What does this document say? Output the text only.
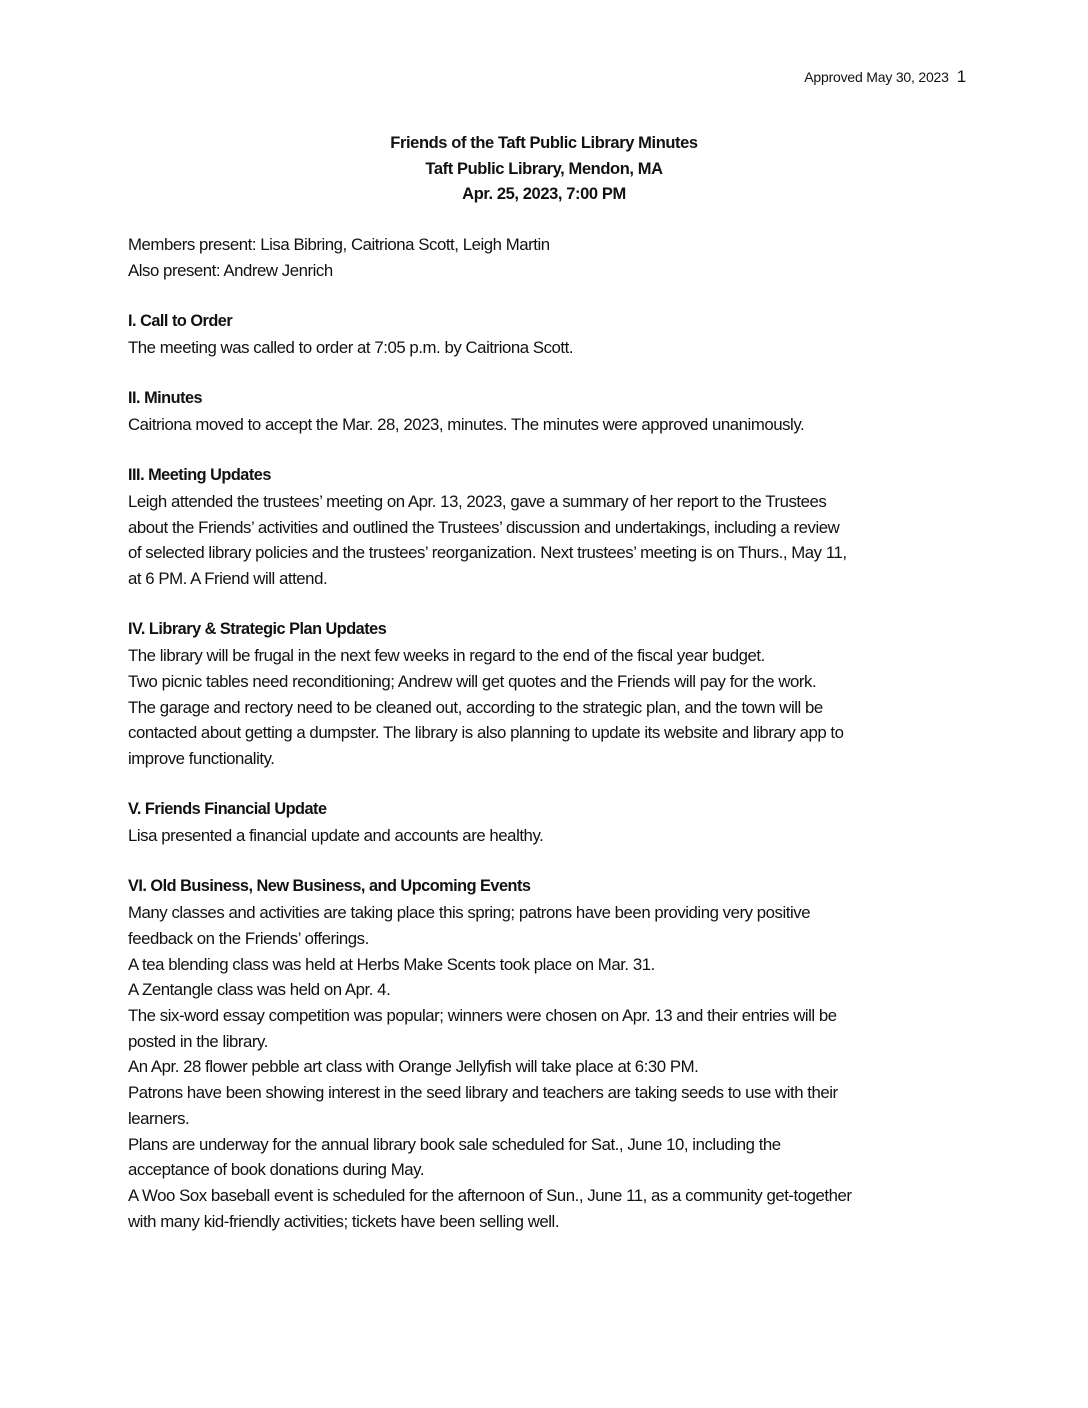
Approved May 30, 2023 1
Friends of the Taft Public Library Minutes
Taft Public Library, Mendon, MA
Apr. 25, 2023, 7:00 PM
Members present: Lisa Bibring, Caitriona Scott, Leigh Martin
Also present: Andrew Jenrich
I. Call to Order
The meeting was called to order at 7:05 p.m. by Caitriona Scott.
II. Minutes
Caitriona moved to accept the Mar. 28, 2023, minutes. The minutes were approved unanimously.
III. Meeting Updates
Leigh attended the trustees’ meeting on Apr. 13, 2023, gave a summary of her report to the Trustees
about the Friends’ activities and outlined the Trustees’ discussion and undertakings, including a review
of selected library policies and the trustees’ reorganization. Next trustees’ meeting is on Thurs., May 11,
at 6 PM. A Friend will attend.
IV. Library & Strategic Plan Updates
The library will be frugal in the next few weeks in regard to the end of the fiscal year budget.
Two picnic tables need reconditioning; Andrew will get quotes and the Friends will pay for the work.
The garage and rectory need to be cleaned out, according to the strategic plan, and the town will be
contacted about getting a dumpster. The library is also planning to update its website and library app to
improve functionality.
V. Friends Financial Update
Lisa presented a financial update and accounts are healthy.
VI. Old Business, New Business, and Upcoming Events
Many classes and activities are taking place this spring; patrons have been providing very positive
feedback on the Friends’ offerings.
A tea blending class was held at Herbs Make Scents took place on Mar. 31.
A Zentangle class was held on Apr. 4.
The six-word essay competition was popular; winners were chosen on Apr. 13 and their entries will be
posted in the library.
An Apr. 28 flower pebble art class with Orange Jellyfish will take place at 6:30 PM.
Patrons have been showing interest in the seed library and teachers are taking seeds to use with their
learners.
Plans are underway for the annual library book sale scheduled for Sat., June 10, including the
acceptance of book donations during May.
A Woo Sox baseball event is scheduled for the afternoon of Sun., June 11, as a community get-together
with many kid-friendly activities; tickets have been selling well.
